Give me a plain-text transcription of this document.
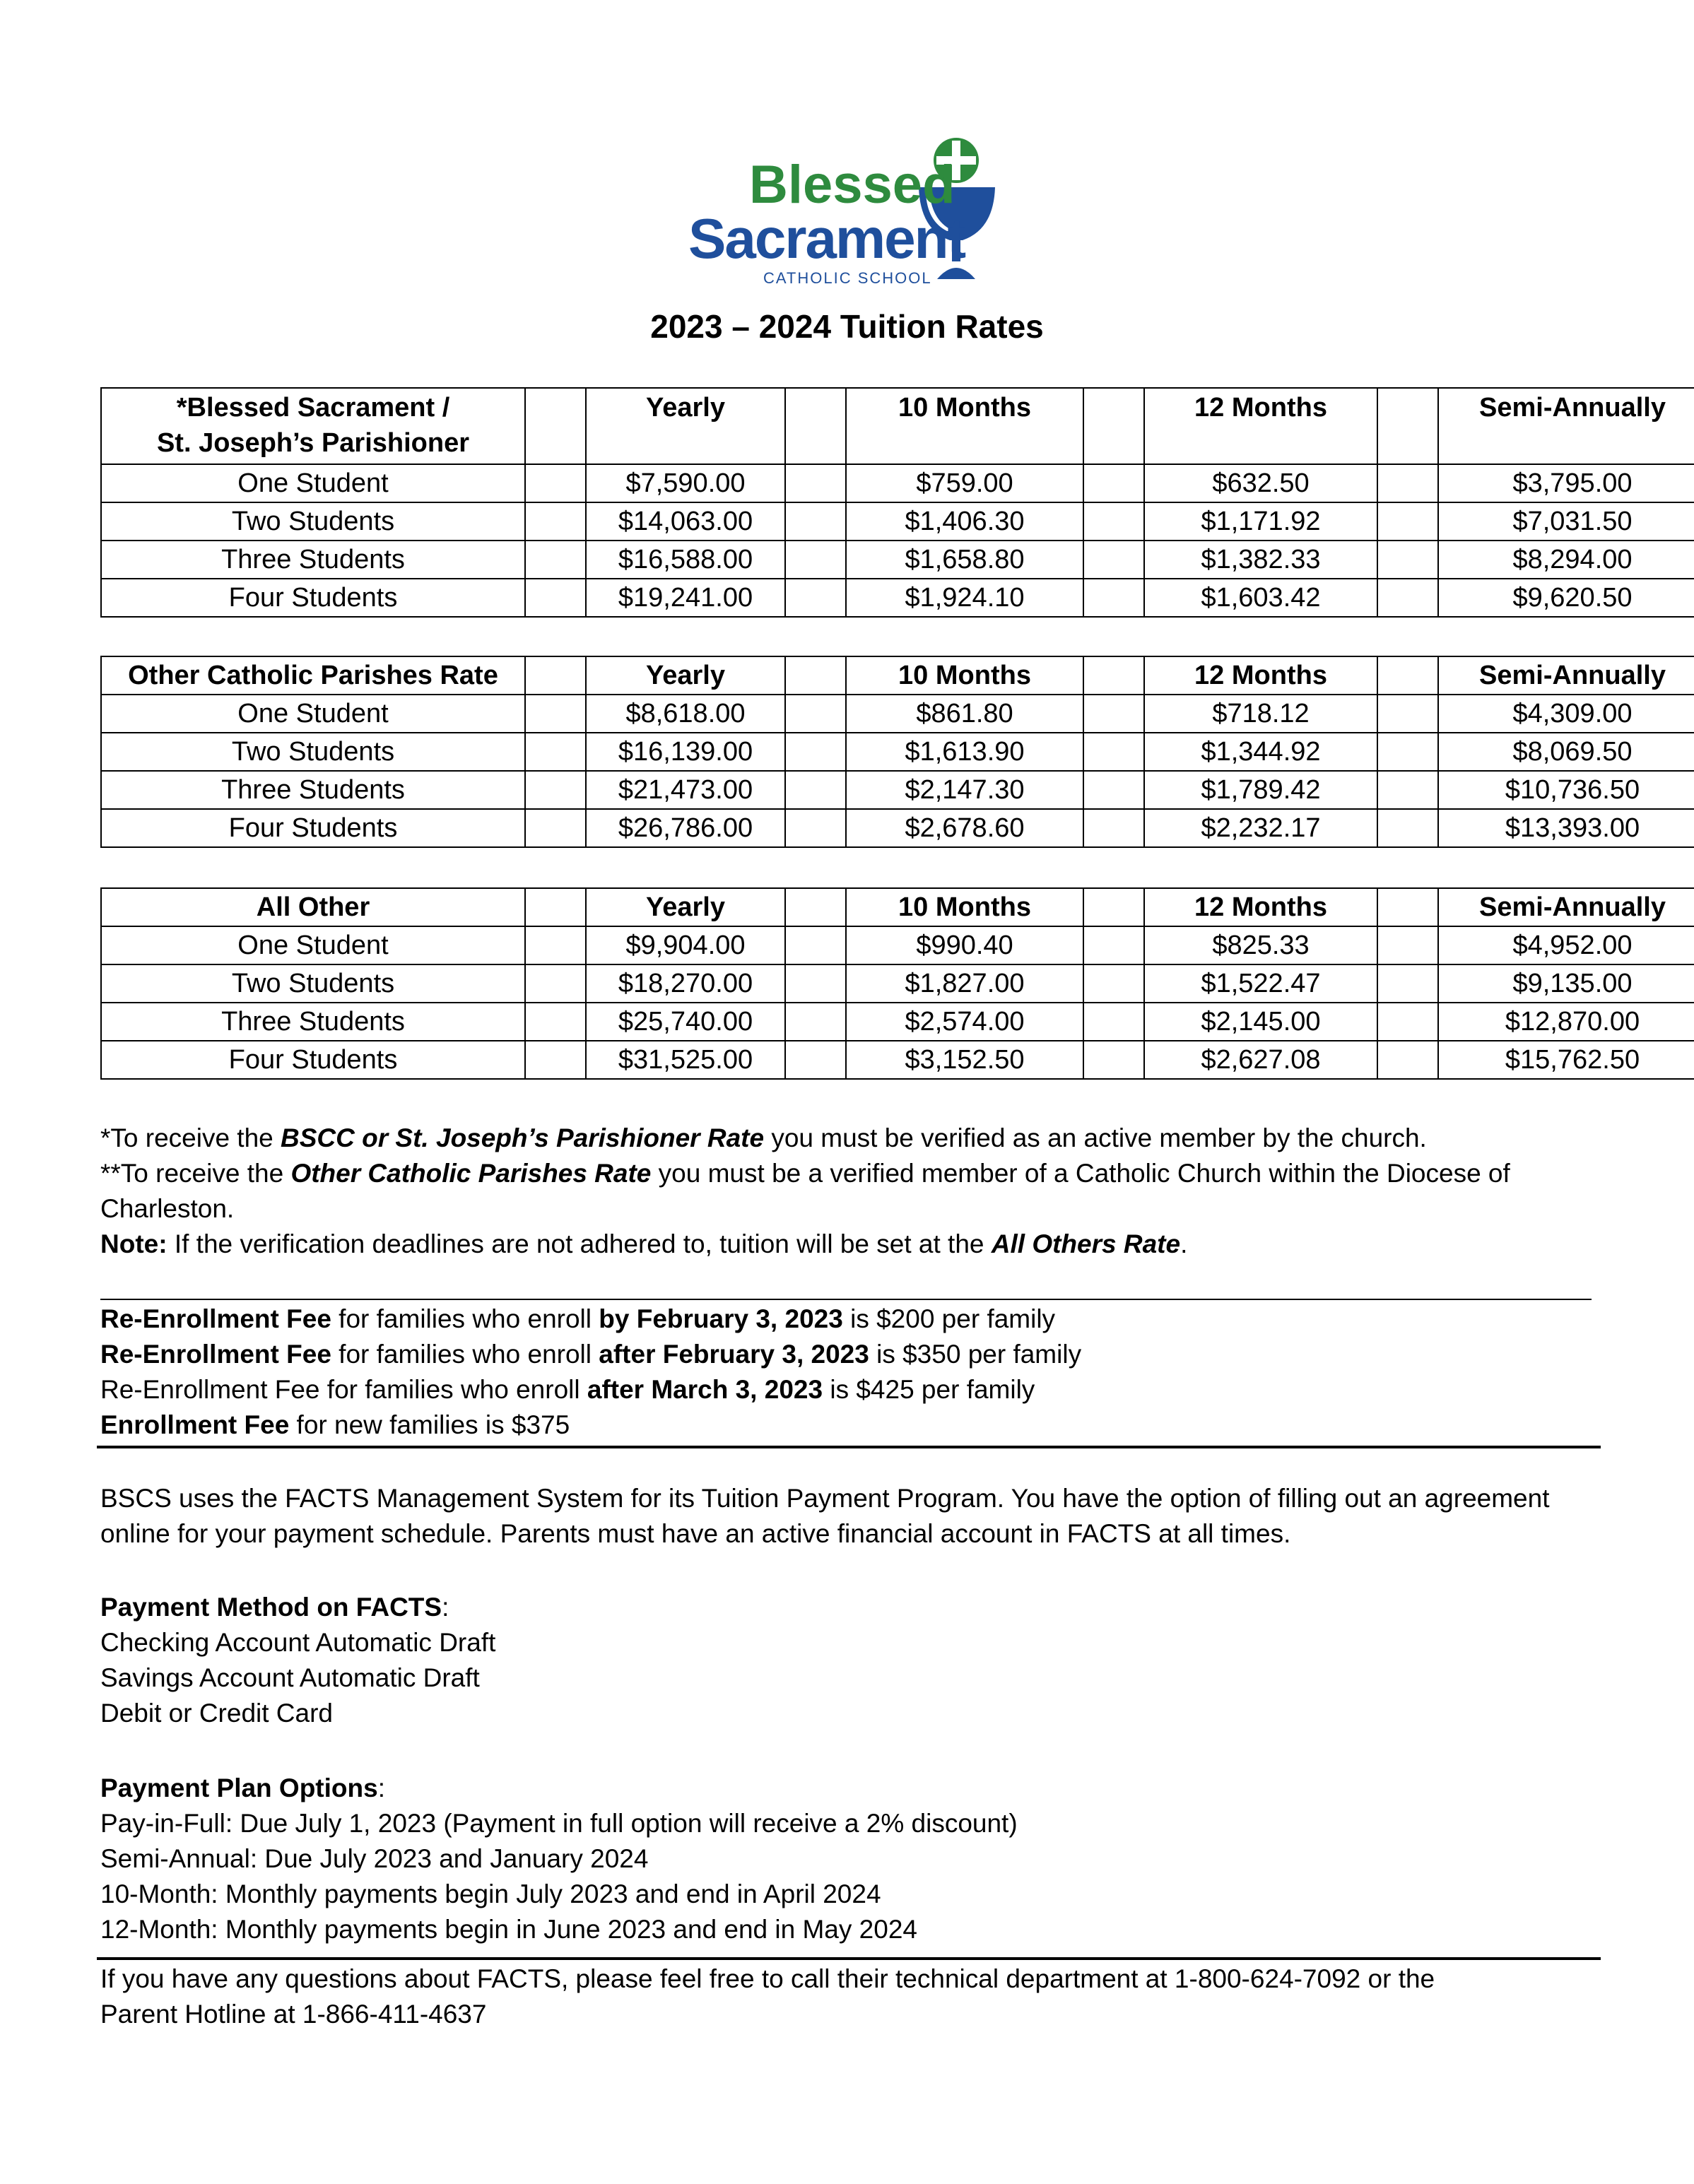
Blessed
Sacrament
CATHOLIC SCHOOL
2023 – 2024 Tuition Rates
*Blessed Sacrament /
St. Joseph’s Parishioner		Yearly		10 Months		12 Months		Semi-Annually
One Student		$7,590.00		$759.00		$632.50		$3,795.00
Two Students		$14,063.00		$1,406.30		$1,171.92		$7,031.50
Three Students		$16,588.00		$1,658.80		$1,382.33		$8,294.00
Four Students		$19,241.00		$1,924.10		$1,603.42		$9,620.50
Other Catholic Parishes Rate		Yearly		10 Months		12 Months		Semi-Annually
One Student		$8,618.00		$861.80		$718.12		$4,309.00
Two Students		$16,139.00		$1,613.90		$1,344.92		$8,069.50
Three Students		$21,473.00		$2,147.30		$1,789.42		$10,736.50
Four Students		$26,786.00		$2,678.60		$2,232.17		$13,393.00
All Other		Yearly		10 Months		12 Months		Semi-Annually
One Student		$9,904.00		$990.40		$825.33		$4,952.00
Two Students		$18,270.00		$1,827.00		$1,522.47		$9,135.00
Three Students		$25,740.00		$2,574.00		$2,145.00		$12,870.00
Four Students		$31,525.00		$3,152.50		$2,627.08		$15,762.50
*To receive the BSCC or St. Joseph’s Parishioner Rate you must be verified as an active member by the church.
**To receive the Other Catholic Parishes Rate you must be a verified member of a Catholic Church within the Diocese of
Charleston.
Note: If the verification deadlines are not adhered to, tuition will be set at the All Others Rate.
Re-Enrollment Fee for families who enroll by February 3, 2023 is $200 per family
Re-Enrollment Fee for families who enroll after February 3, 2023 is $350 per family
Re-Enrollment Fee for families who enroll after March 3, 2023 is $425 per family
Enrollment Fee for new families is $375
BSCS uses the FACTS Management System for its Tuition Payment Program. You have the option of filling out an agreement
online for your payment schedule. Parents must have an active financial account in FACTS at all times.
Payment Method on FACTS:
Checking Account Automatic Draft
Savings Account Automatic Draft
Debit or Credit Card
Payment Plan Options:
Pay-in-Full: Due July 1, 2023 (Payment in full option will receive a 2% discount)
Semi-Annual: Due July 2023 and January 2024
10-Month: Monthly payments begin July 2023 and end in April 2024
12-Month: Monthly payments begin in June 2023 and end in May 2024
If you have any questions about FACTS, please feel free to call their technical department at 1-800-624-7092 or the
Parent Hotline at 1-866-411-4637
